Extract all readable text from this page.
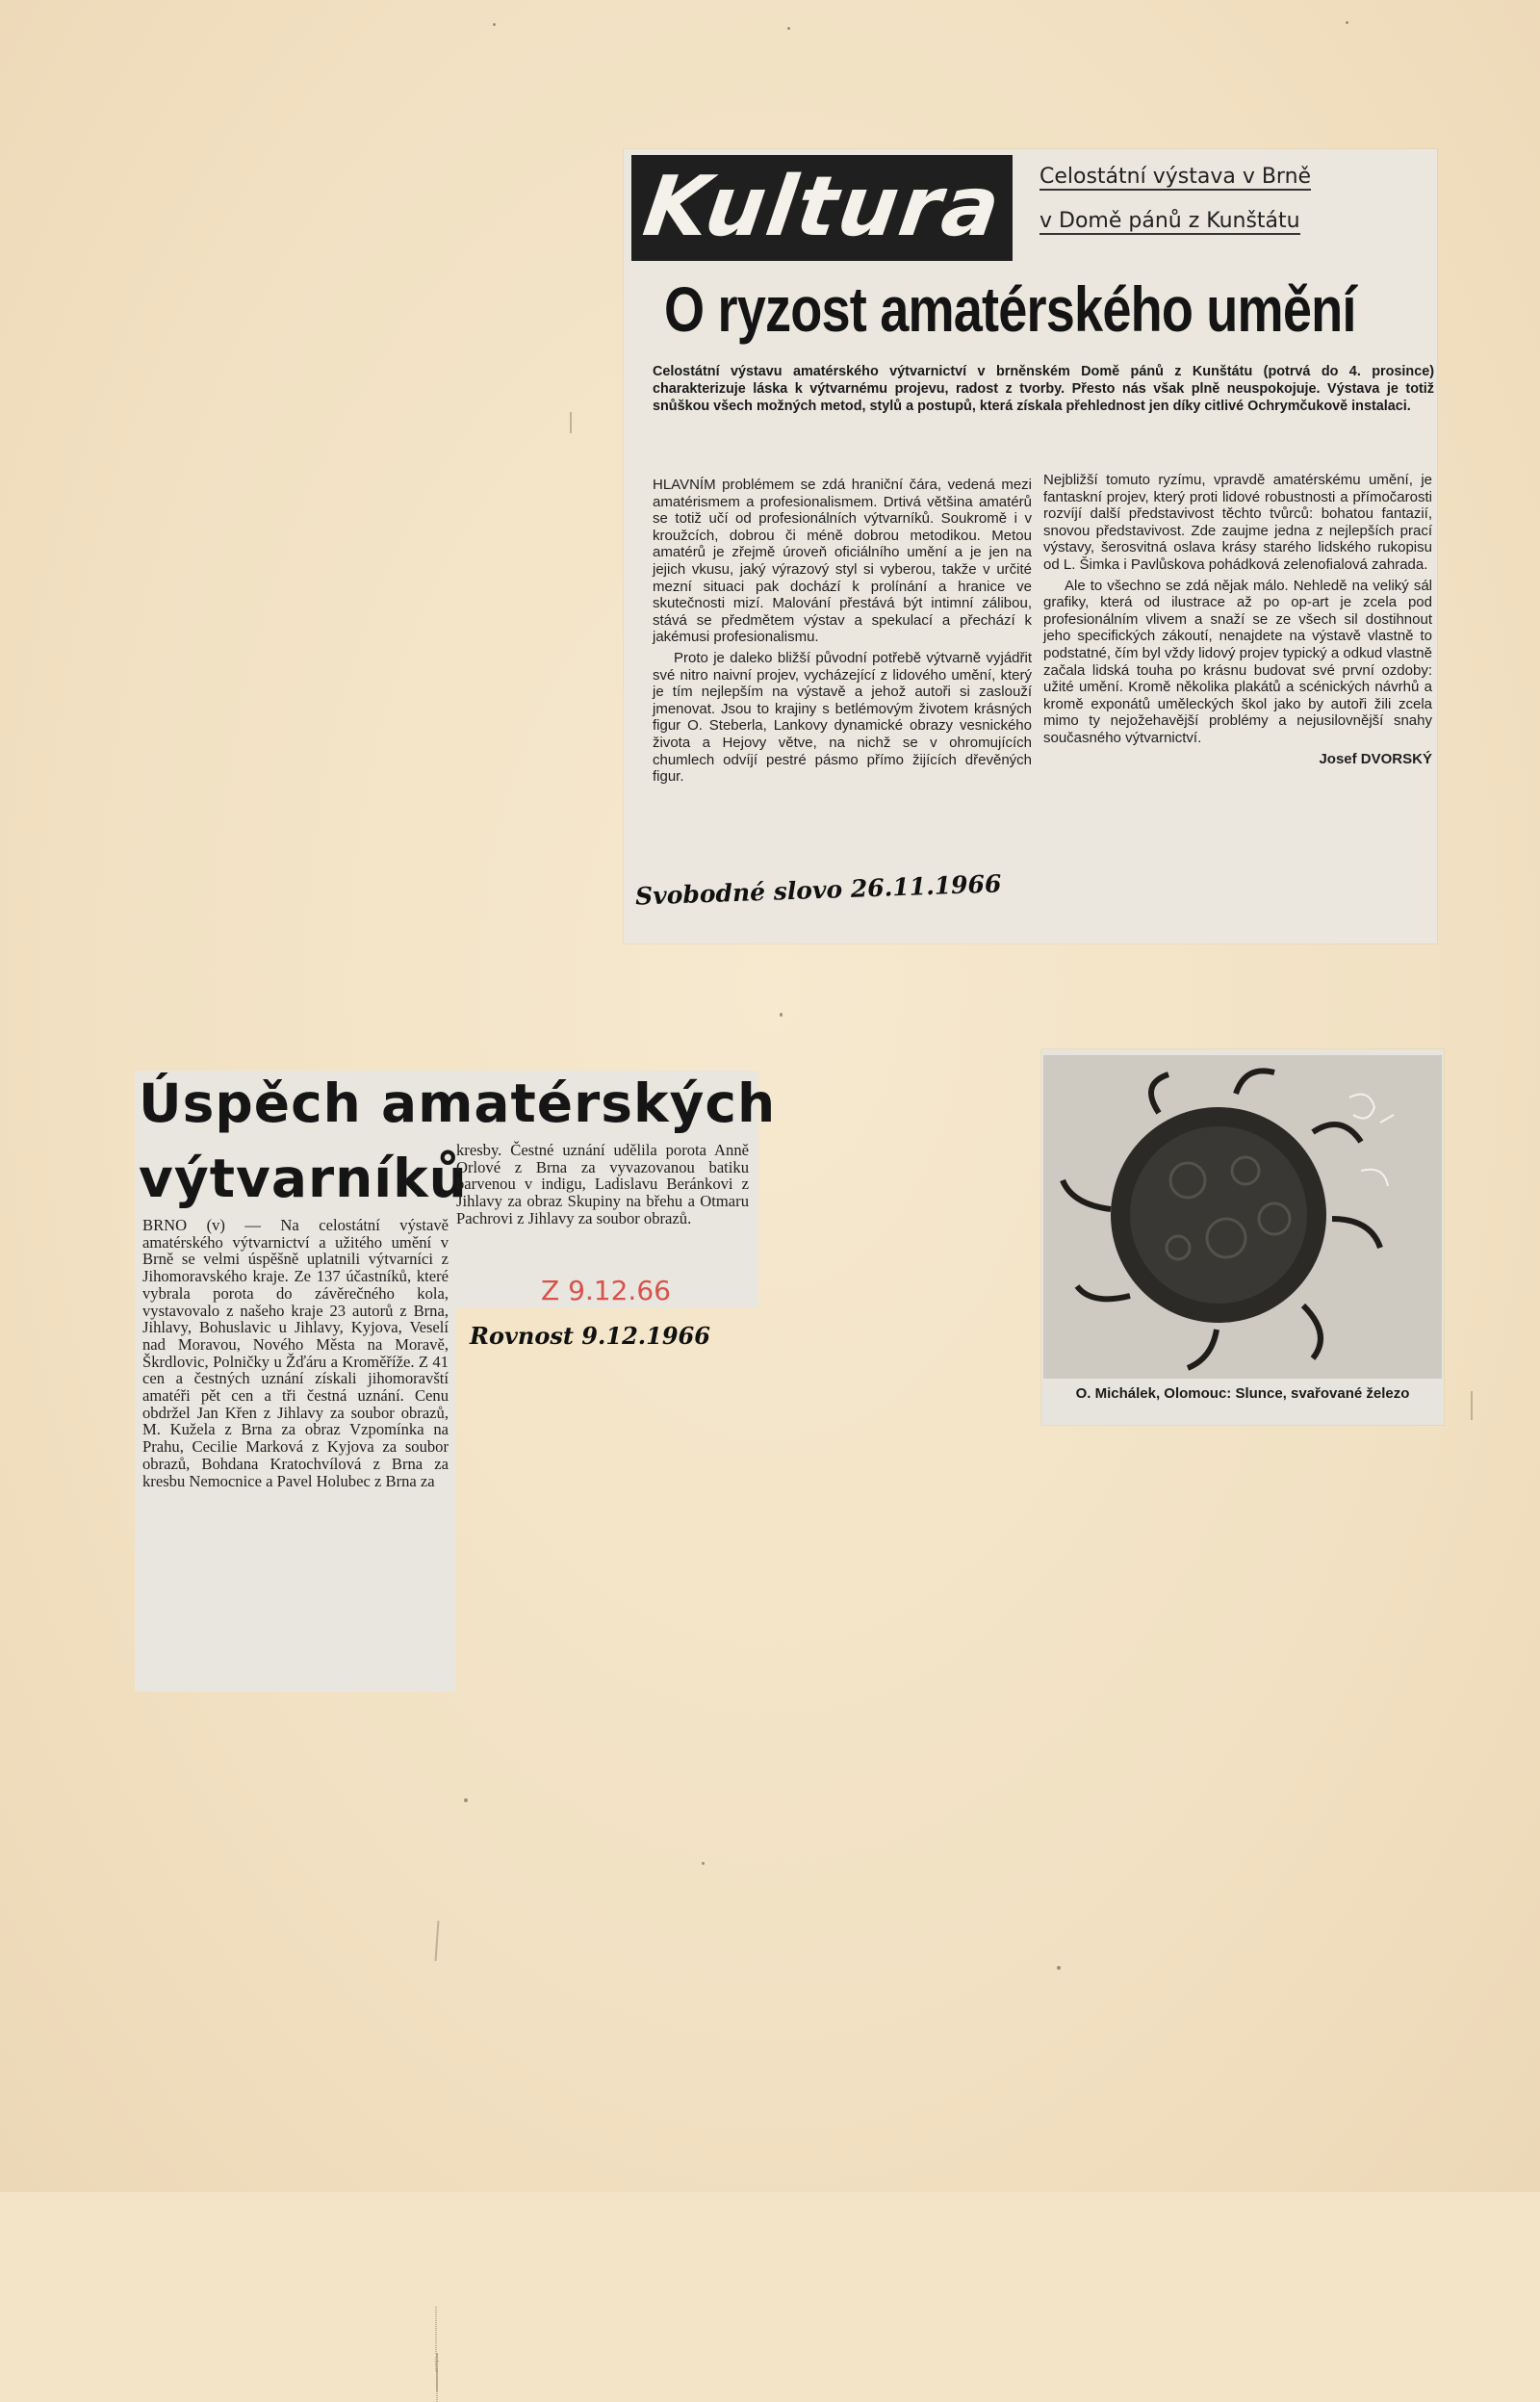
Kultura Celostátní výstava v Brně
v Domě pánů z Kunštátu
O ryzost amatérského umění
Celostátní výstavu amatérského výtvarnictví v brněnském Domě pánů z Kunštátu (potrvá do 4. prosince) charakterizuje láska k výtvarnému projevu, radost z tvorby. Přesto nás však plně neuspokojuje. Výstava je totiž snůškou všech možných metod, stylů a postupů, která získala přehlednost jen díky citlivé Ochrymčukově instalaci.

HLAVNÍM problémem se zdá hraniční čára, vedená mezi amatérismem a profesionalismem. Drtivá většina amatérů se totiž učí od profesionálních výtvarníků. Soukromě i v kroužcích, dobrou či méně dobrou metodikou. Metou amatérů je zřejmě úroveň oficiálního umění a je jen na jejich vkusu, jaký výrazový styl si vyberou, takže v určité mezní situaci pak dochází k prolínání a hranice ve skutečnosti mizí. Malování přestává být intimní zálibou, stává se předmětem výstav a spekulací a přechází k jakémusi profesionalismu.

Proto je daleko bližší původní potřebě výtvarně vyjádřit své nitro naivní projev, vycházející z lidového umění, který je tím nejlepším na výstavě a jehož autoři si zaslouží jmenovat. Jsou to krajiny s betlémovým životem krásných figur O. Steberla, Lankovy dynamické obrazy vesnického života a Hejovy větve, na nichž se v ohromujících chumlech odvíjí pestré pásmo přímo žijících dřevěných figur.

Nejbližší tomuto ryzímu, vpravdě amatérskému umění, je fantaskní projev, který proti lidové robustnosti a přímočarosti rozvíjí další představivost těchto tvůrců: bohatou fantazií, snovou představivost. Zde zaujme jedna z nejlepších prací výstavy, šerosvitná oslava krásy starého lidského rukopisu od L. Šimka i Pavlůskova pohádková zelenofialová zahrada.

Ale to všechno se zdá nějak málo. Nehledě na veliký sál grafiky, která od ilustrace až po op-art je zcela pod profesionálním vlivem a snaží se ze všech sil dostihnout jeho specifických zákoutí, nenajdete na výstavě vlastně to podstatné, čím byl vždy lidový projev typický a odkud vlastně začala lidská touha po krásnu budovat své první ozdoby: užité umění. Kromě několika plakátů a scénických návrhů a kromě exponátů uměleckých škol jako by autoři žili zcela mimo ty nejožehavější problémy a nejusilovnější snahy současného výtvarnictví.

Josef DVORSKÝ
Svobodné slovo 26.11.1966
O. Michálek, Olomouc: Slunce, svařované železo
Úspěch amatérských
výtvarníků
BRNO (v) — Na celostátní výstavě amatérského výtvarnictví a užitého umění v Brně se velmi úspěšně uplatnili výtvarníci z Jihomoravského kraje. Ze 137 účastníků, které vybrala porota do závěrečného kola, vystavovalo z našeho kraje 23 autorů z Brna, Jihlavy, Bohuslavic u Jihlavy, Kyjova, Veselí nad Moravou, Nového Města na Moravě, Škrdlovic, Polničky u Žďáru a Kroměříže. Z 41 cen a čestných uznání získali jihomoravští amatéři pět cen a tři čestná uznání. Cenu obdržel Jan Křen z Jihlavy za soubor obrazů, M. Kužela z Brna za obraz Vzpomínka na Prahu, Cecilie Marková z Kyjova za soubor obrazů, Bohdana Kratochvílová z Brna za kresbu Nemocnice a Pavel Holubec z Brna za
kresby. Čestné uznání udělila porota Anně Orlové z Brna za vyvazovanou batiku barvenou v indigu, Ladislavu Beránkovi z Jihlavy za obraz Skupiny na břehu a Otmaru Pachrovi z Jihlavy za soubor obrazů.
Z 9.12.66
Rovnost 9.12.1966
